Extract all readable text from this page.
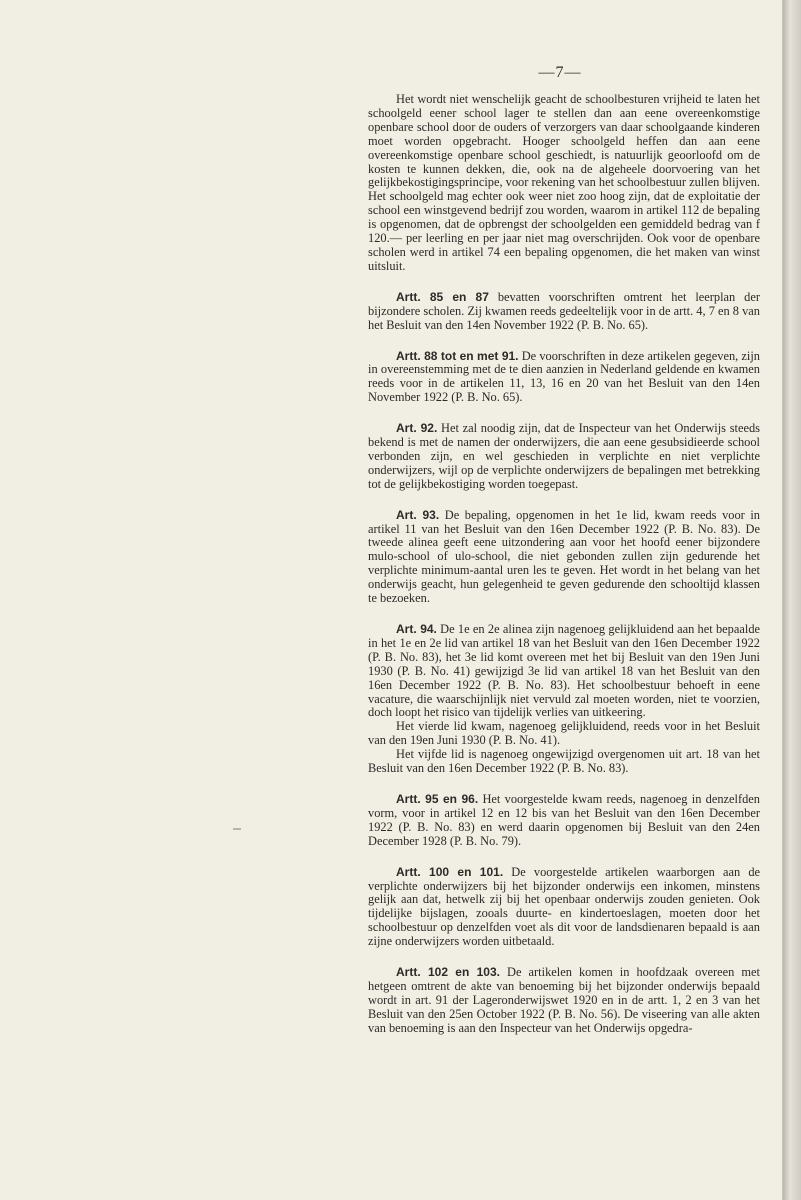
—7—

Het wordt niet wenschelijk geacht de schoolbesturen vrijheid te laten het schoolgeld eener school lager te stellen dan aan eene overeenkomstige openbare school door de ouders of verzorgers van daar schoolgaande kinderen moet worden opgebracht. Hooger schoolgeld heffen dan aan eene overeenkomstige openbare school geschiedt, is natuurlijk geoorloofd om de kosten te kunnen dekken, die, ook na de algeheele doorvoering van het gelijkbekostigingsprincipe, voor rekening van het schoolbestuur zullen blijven. Het schoolgeld mag echter ook weer niet zoo hoog zijn, dat de exploitatie der school een winstgevend bedrijf zou worden, waarom in artikel 112 de bepaling is opgenomen, dat de opbrengst der schoolgelden een gemiddeld bedrag van f 120.— per leerling en per jaar niet mag overschrijden. Ook voor de openbare scholen werd in artikel 74 een bepaling opgenomen, die het maken van winst uitsluit.

Artt. 85 en 87 bevatten voorschriften omtrent het leerplan der bijzondere scholen. Zij kwamen reeds gedeeltelijk voor in de artt. 4, 7 en 8 van het Besluit van den 14en November 1922 (P. B. No. 65).

Artt. 88 tot en met 91. De voorschriften in deze artikelen gegeven, zijn in overeenstemming met de te dien aanzien in Nederland geldende en kwamen reeds voor in de artikelen 11, 13, 16 en 20 van het Besluit van den 14en November 1922 (P. B. No. 65).

Art. 92. Het zal noodig zijn, dat de Inspecteur van het Onderwijs steeds bekend is met de namen der onderwijzers, die aan eene gesubsidieerde school verbonden zijn, en wel geschieden in verplichte en niet verplichte onderwijzers, wijl op de verplichte onderwijzers de bepalingen met betrekking tot de gelijkbekostiging worden toegepast.

Art. 93. De bepaling, opgenomen in het 1e lid, kwam reeds voor in artikel 11 van het Besluit van den 16en December 1922 (P. B. No. 83). De tweede alinea geeft eene uitzondering aan voor het hoofd eener bijzondere mulo-school of ulo-school, die niet gebonden zullen zijn gedurende het verplichte minimum-aantal uren les te geven. Het wordt in het belang van het onderwijs geacht, hun gelegenheid te geven gedurende den schooltijd klassen te bezoeken.

Art. 94. De 1e en 2e alinea zijn nagenoeg gelijkluidend aan het bepaalde in het 1e en 2e lid van artikel 18 van het Besluit van den 16en December 1922 (P. B. No. 83), het 3e lid komt overeen met het bij Besluit van den 19en Juni 1930 (P. B. No. 41) gewijzigd 3e lid van artikel 18 van het Besluit van den 16en December 1922 (P. B. No. 83). Het schoolbestuur behoeft in eene vacature, die waarschijnlijk niet vervuld zal moeten worden, niet te voorzien, doch loopt het risico van tijdelijk verlies van uitkeering.

Het vierde lid kwam, nagenoeg gelijkluidend, reeds voor in het Besluit van den 19en Juni 1930 (P. B. No. 41).

Het vijfde lid is nagenoeg ongewijzigd overgenomen uit art. 18 van het Besluit van den 16en December 1922 (P. B. No. 83).

Artt. 95 en 96. Het voorgestelde kwam reeds, nagenoeg in denzelfden vorm, voor in artikel 12 en 12 bis van het Besluit van den 16en December 1922 (P. B. No. 83) en werd daarin opgenomen bij Besluit van den 24en December 1928 (P. B. No. 79).

Artt. 100 en 101. De voorgestelde artikelen waarborgen aan de verplichte onderwijzers bij het bijzonder onderwijs een inkomen, minstens gelijk aan dat, hetwelk zij bij het openbaar onderwijs zouden genieten. Ook tijdelijke bijslagen, zooals duurte- en kindertoeslagen, moeten door het schoolbestuur op denzelfden voet als dit voor de landsdienaren bepaald is aan zijne onderwijzers worden uitbetaald.

Artt. 102 en 103. De artikelen komen in hoofdzaak overeen met hetgeen omtrent de akte van benoeming bij het bijzonder onderwijs bepaald wordt in art. 91 der Lageronderwijswet 1920 en in de artt. 1, 2 en 3 van het Besluit van den 25en October 1922 (P. B. No. 56). De viseering van alle akten van benoeming is aan den Inspecteur van het Onderwijs opgedra-
